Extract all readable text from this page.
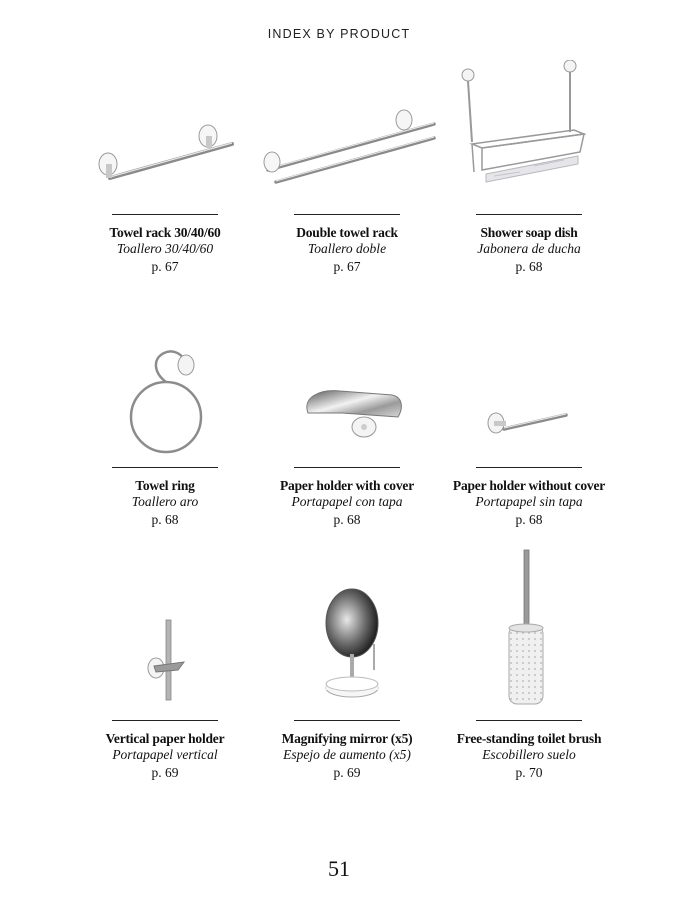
INDEX BY PRODUCT
Towel rack 30/40/60
Toallero 30/40/60
p. 67
Double towel rack
Toallero doble
p. 67
Shower soap dish
Jabonera de ducha
p. 68
Towel ring
Toallero aro
p. 68
Paper holder with cover
Portapapel con tapa
p. 68
Paper holder without cover
Portapapel sin tapa
p. 68
Vertical paper holder
Portapapel vertical
p. 69
Magnifying mirror (x5)
Espejo de aumento (x5)
p. 69
Free-standing toilet brush
Escobillero suelo
p. 70
51
